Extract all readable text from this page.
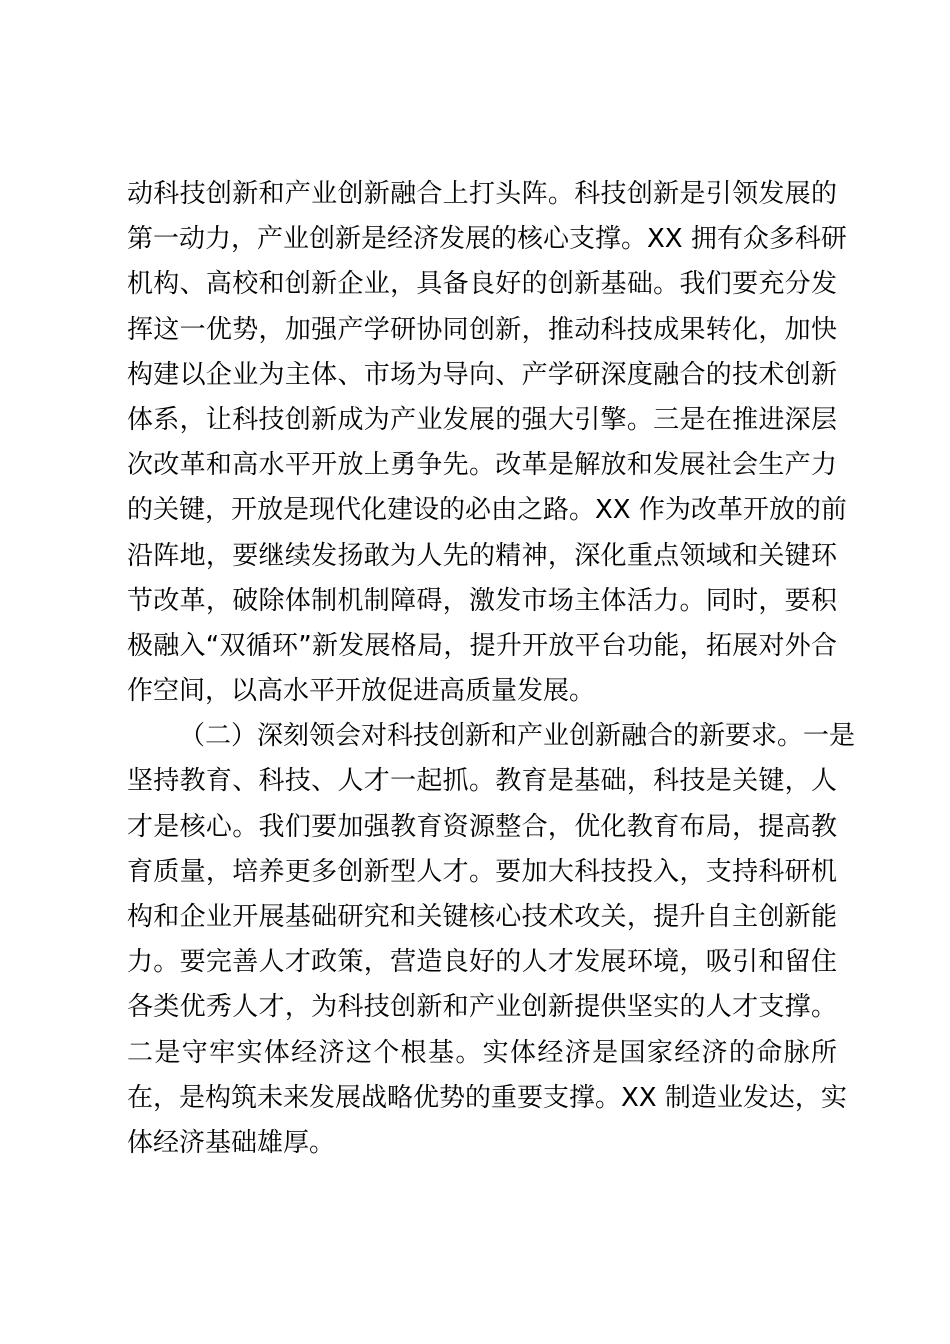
动科技创新和产业创新融合上打头阵。科技创新是引领发展的
第一动力，产业创新是经济发展的核心支撑。XX 拥有众多科研
机构、高校和创新企业，具备良好的创新基础。我们要充分发
挥这一优势，加强产学研协同创新，推动科技成果转化，加快
构建以企业为主体、市场为导向、产学研深度融合的技术创新
体系，让科技创新成为产业发展的强大引擎。三是在推进深层
次改革和高水平开放上勇争先。改革是解放和发展社会生产力
的关键，开放是现代化建设的必由之路。XX 作为改革开放的前
沿阵地，要继续发扬敢为人先的精神，深化重点领域和关键环
节改革，破除体制机制障碍，激发市场主体活力。同时，要积
极融入“双循环”新发展格局，提升开放平台功能，拓展对外合
作空间，以高水平开放促进高质量发展。
（二）深刻领会对科技创新和产业创新融合的新要求。一是
坚持教育、科技、人才一起抓。教育是基础，科技是关键，人
才是核心。我们要加强教育资源整合，优化教育布局，提高教
育质量，培养更多创新型人才。要加大科技投入，支持科研机
构和企业开展基础研究和关键核心技术攻关，提升自主创新能
力。要完善人才政策，营造良好的人才发展环境，吸引和留住
各类优秀人才，为科技创新和产业创新提供坚实的人才支撑。
二是守牢实体经济这个根基。实体经济是国家经济的命脉所
在，是构筑未来发展战略优势的重要支撑。XX 制造业发达，实
体经济基础雄厚。
